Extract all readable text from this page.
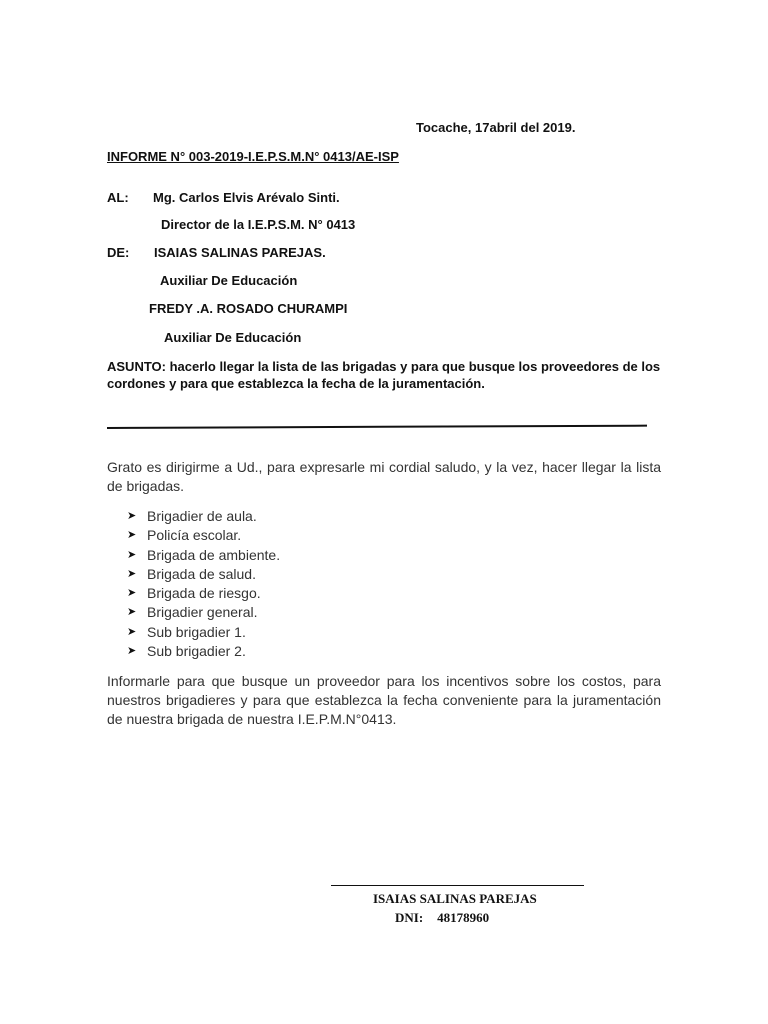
Tocache, 17abril del 2019.
INFORME N° 003-2019-I.E.P.S.M.N° 0413/AE-ISP
AL: Mg. Carlos Elvis Arévalo Sinti.
Director de la I.E.P.S.M. N° 0413
DE: ISAIAS SALINAS PAREJAS.
Auxiliar De Educación
FREDY .A. ROSADO CHURAMPI
Auxiliar De Educación
ASUNTO: hacerlo llegar la lista de las brigadas y para que busque los proveedores de los cordones y para que establezca la fecha de la juramentación.
Grato es dirigirme a Ud., para expresarle mi cordial saludo, y la vez, hacer llegar la lista de brigadas.
➤ Brigadier de aula.
➤ Policía escolar.
➤ Brigada de ambiente.
➤ Brigada de salud.
➤ Brigada de riesgo.
➤ Brigadier general.
➤ Sub brigadier 1.
➤ Sub brigadier 2.
Informarle para que busque un proveedor para los incentivos sobre los costos, para nuestros brigadieres y para que establezca la fecha conveniente para la juramentación de nuestra brigada de nuestra I.E.P.M.N°0413.
ISAIAS SALINAS PAREJAS
DNI: 48178960
